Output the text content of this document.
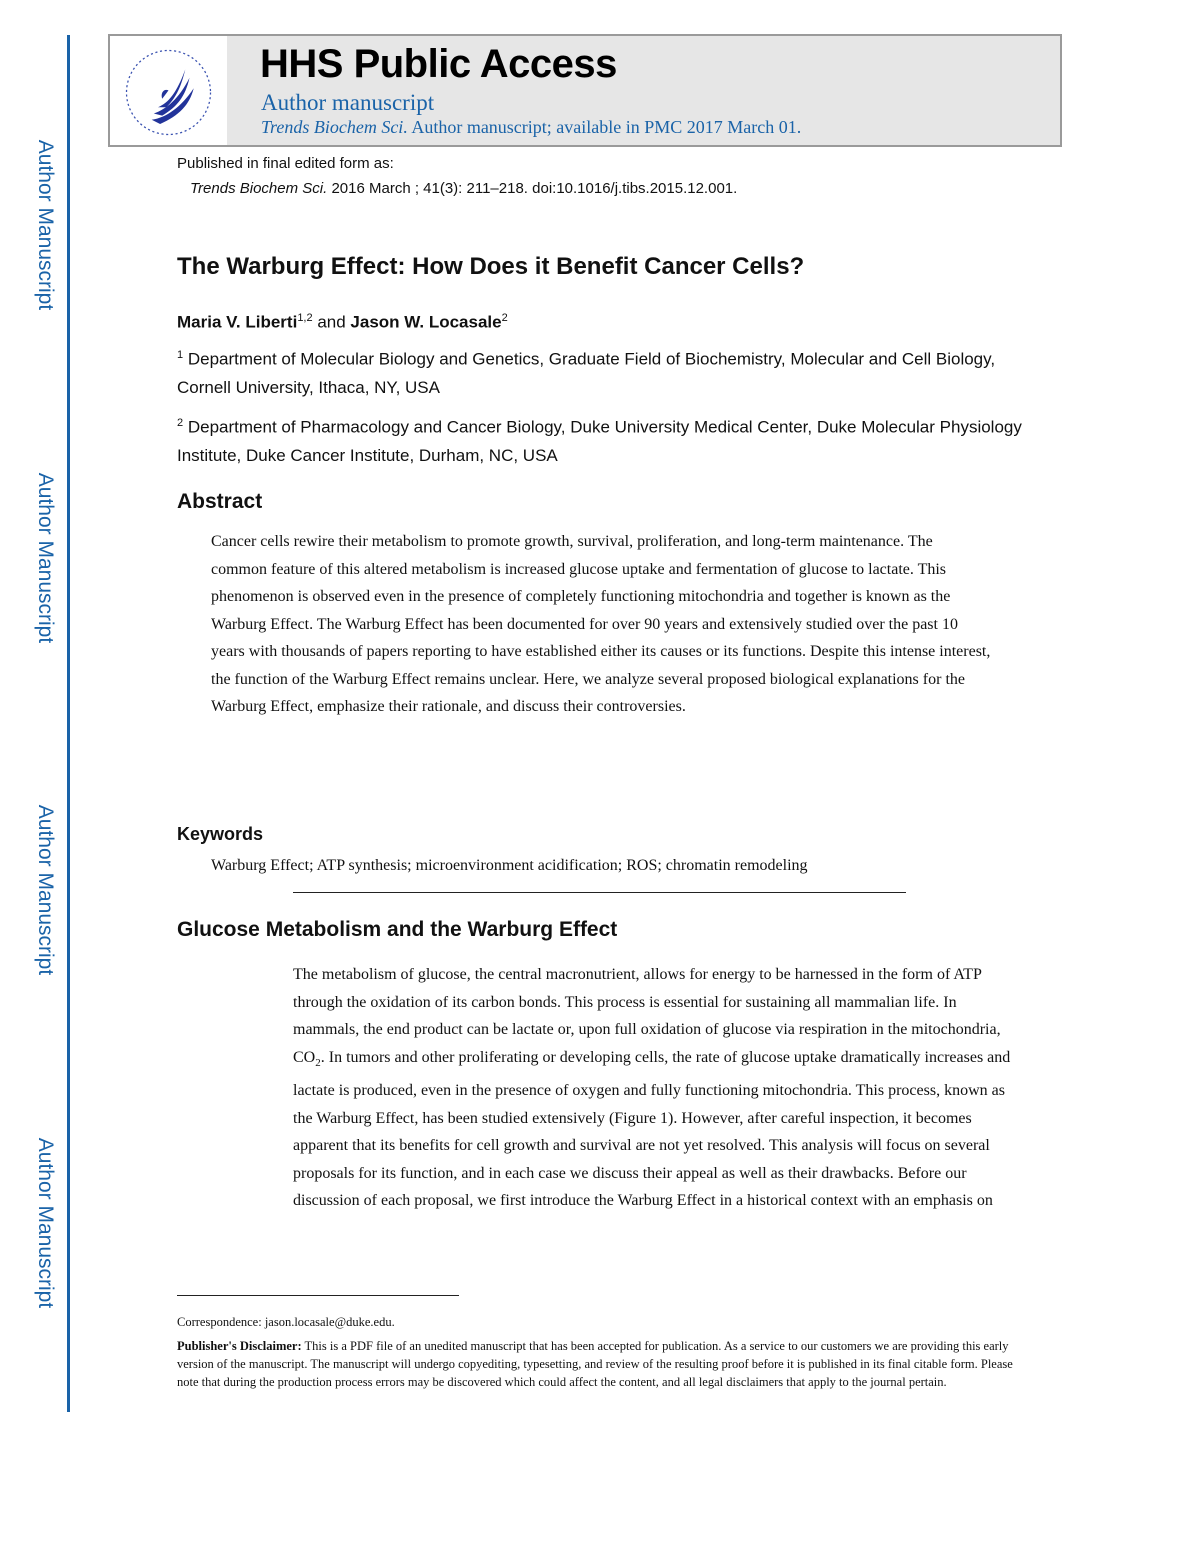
Author Manuscript
Author Manuscript
Author Manuscript
Author Manuscript
HHS Public Access
Author manuscript
Trends Biochem Sci. Author manuscript; available in PMC 2017 March 01.
Published in final edited form as:
Trends Biochem Sci. 2016 March ; 41(3): 211–218. doi:10.1016/j.tibs.2015.12.001.
The Warburg Effect: How Does it Benefit Cancer Cells?
Maria V. Liberti$^{1,2}$ and Jason W. Locasale$^2$
$^1$ Department of Molecular Biology and Genetics, Graduate Field of Biochemistry, Molecular and Cell Biology, Cornell University, Ithaca, NY, USA
$^2$ Department of Pharmacology and Cancer Biology, Duke University Medical Center, Duke Molecular Physiology Institute, Duke Cancer Institute, Durham, NC, USA
Abstract
Cancer cells rewire their metabolism to promote growth, survival, proliferation, and long-term maintenance. The common feature of this altered metabolism is increased glucose uptake and fermentation of glucose to lactate. This phenomenon is observed even in the presence of completely functioning mitochondria and together is known as the Warburg Effect. The Warburg Effect has been documented for over 90 years and extensively studied over the past 10 years with thousands of papers reporting to have established either its causes or its functions. Despite this intense interest, the function of the Warburg Effect remains unclear. Here, we analyze several proposed biological explanations for the Warburg Effect, emphasize their rationale, and discuss their controversies.
Keywords
Warburg Effect; ATP synthesis; microenvironment acidification; ROS; chromatin remodeling
Glucose Metabolism and the Warburg Effect
The metabolism of glucose, the central macronutrient, allows for energy to be harnessed in the form of ATP through the oxidation of its carbon bonds. This process is essential for sustaining all mammalian life. In mammals, the end product can be lactate or, upon full oxidation of glucose via respiration in the mitochondria, $CO_2$. In tumors and other proliferating or developing cells, the rate of glucose uptake dramatically increases and lactate is produced, even in the presence of oxygen and fully functioning mitochondria. This process, known as the Warburg Effect, has been studied extensively (Figure 1). However, after careful inspection, it becomes apparent that its benefits for cell growth and survival are not yet resolved. This analysis will focus on several proposals for its function, and in each case we discuss their appeal as well as their drawbacks. Before our discussion of each proposal, we first introduce the Warburg Effect in a historical context with an emphasis on
Correspondence: jason.locasale@duke.edu.
Publisher's Disclaimer: This is a PDF file of an unedited manuscript that has been accepted for publication. As a service to our customers we are providing this early version of the manuscript. The manuscript will undergo copyediting, typesetting, and review of the resulting proof before it is published in its final citable form. Please note that during the production process errors may be discovered which could affect the content, and all legal disclaimers that apply to the journal pertain.
